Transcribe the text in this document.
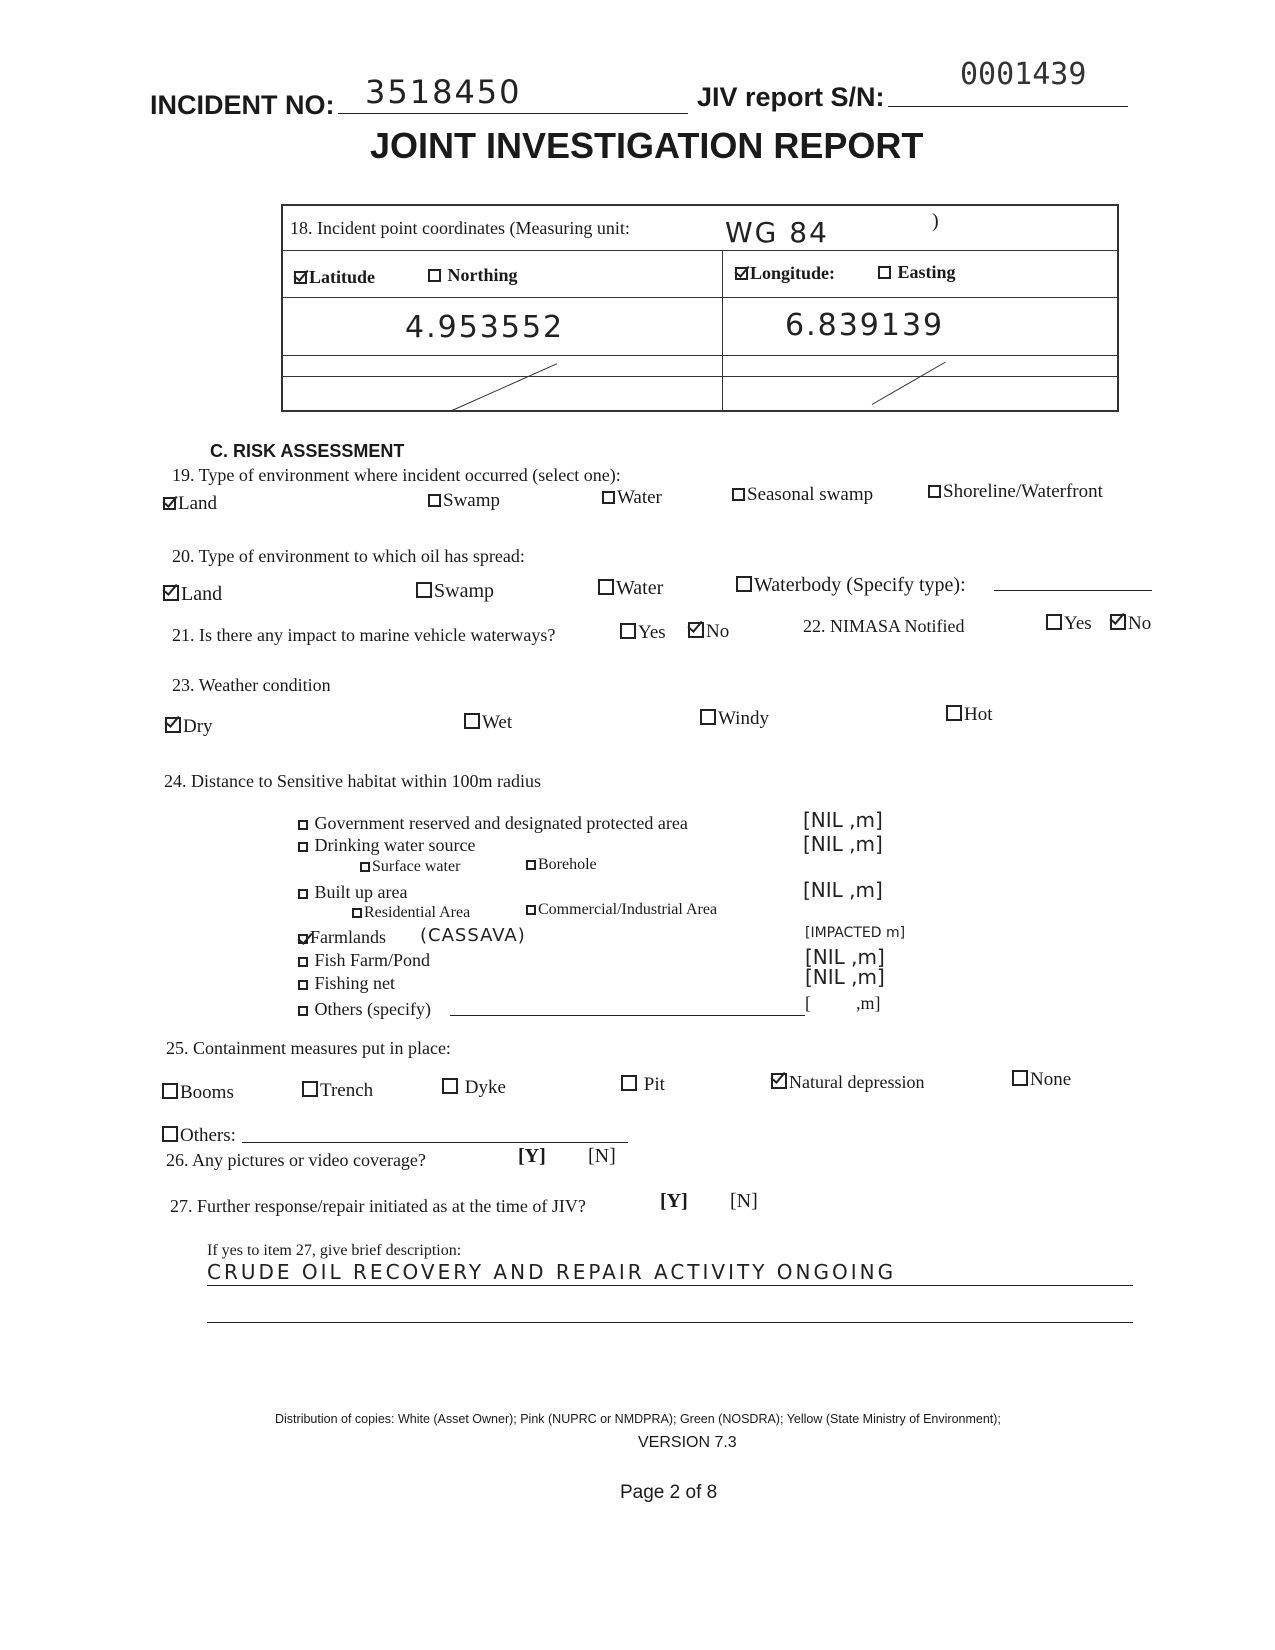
INCIDENT NO: 3518450	JIV report S/N:
0001439
JOINT INVESTIGATION REPORT
18. Incident point coordinates (Measuring unit:	WG 84	)
Latitude	Northing	Longitude:	Easting
4.953552	6.839139
C. RISK ASSESSMENT
19. Type of environment where incident occurred (select one):
Land	Swamp	Water	Seasonal swamp	Shoreline/Waterfront
20. Type of environment to which oil has spread:
Land	Swamp	Water	Waterbody (Specify type):
21. Is there any impact to marine vehicle waterways?	Yes	No	22. NIMASA Notified	Yes	No
23. Weather condition
Dry	Wet	Windy	Hot
24. Distance to Sensitive habitat within 100m radius
Government reserved and designated protected area	[NIL ,m]
Drinking water source	[NIL ,m]
Surface water	Borehole
Built up area	[NIL ,m]
Residential Area	Commercial/Industrial Area
Farmlands (CASSAVA)	[IMPACTED m]
Fish Farm/Pond	[NIL ,m]
Fishing net	[NIL ,m]
Others (specify)	[          ,m]
25. Containment measures put in place:
Booms	Trench	Dyke	Pit	Natural depression	None
Others:
26. Any pictures or video coverage?	[Y] [N]
27. Further response/repair initiated as at the time of JIV?	[Y] [N]
If yes to item 27, give brief description:
CRUDE OIL RECOVERY AND REPAIR ACTIVITY ONGOING
Distribution of copies: White (Asset Owner); Pink (NUPRC or NMDPRA); Green (NOSDRA); Yellow (State Ministry of Environment);
VERSION 7.3
Page 2 of 8
